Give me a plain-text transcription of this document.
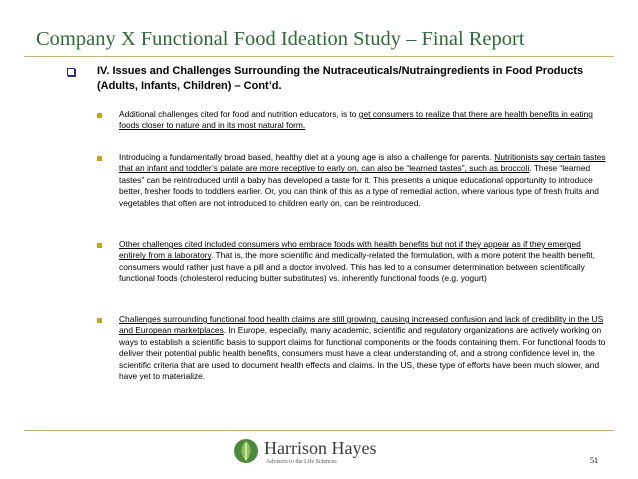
Company X Functional Food Ideation Study – Final Report
IV. Issues and Challenges Surrounding the Nutraceuticals/Nutraingredients in Food Products (Adults, Infants, Children) – Cont’d.
Additional challenges cited for food and nutrition educators, is to get consumers to realize that there are health benefits in eating foods closer to nature and in its most natural form.
Introducing a fundamentally broad based, healthy diet at a young age is also a challenge for parents. Nutritionists say certain tastes that an infant and toddler’s palate are more receptive to early on, can also be “learned tastes”, such as broccoli. These “learned tastes” can be reintroduced until a baby has developed a taste for it. This presents a unique educational opportunity to introduce better, fresher foods to toddlers earlier. Or, you can think of this as a type of remedial action, where various type of fresh fruits and vegetables that often are not introduced to children early on, can be reintroduced.
Other challenges cited included consumers who embrace foods with health benefits but not if they appear as if they emerged entirely from a laboratory. That is, the more scientific and medically-related the formulation, with a more potent the health benefit, consumers would rather just have a pill and a doctor involved. This has led to a consumer determination between scientifically functional foods (cholesterol reducing butter substitutes) vs. inherently functional foods (e.g. yogurt)
Challenges surrounding functional food health claims are still growing, causing increased confusion and lack of credibility in the US and European marketplaces. In Europe, especially, many academic, scientific and regulatory organizations are actively working on ways to establish a scientific basis to support claims for functional components or the foods containing them. For functional foods to deliver their potential public health benefits, consumers must have a clear understanding of, and a strong confidence level in, the scientific criteria that are used to document health effects and claims. In the US, these type of efforts have been much slower, and have yet to materialize.
Harrison Hayes
Advisors to the Life Sciences	51
